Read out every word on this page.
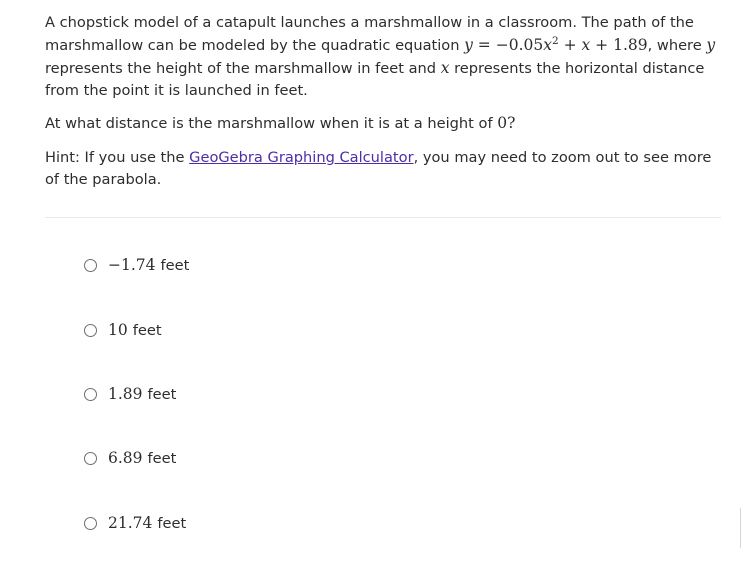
A chopstick model of a catapult launches a marshmallow in a classroom. The path of the marshmallow can be modeled by the quadratic equation $y = -0.05x^2 + x + 1.89$, where y represents the height of the marshmallow in feet and x represents the horizontal distance from the point it is launched in feet.

At what distance is the marshmallow when it is at a height of 0?

Hint: If you use the GeoGebra Graphing Calculator, you may need to zoom out to see more of the parabola.

−1.74 feet
10 feet
1.89 feet
6.89 feet
21.74 feet
